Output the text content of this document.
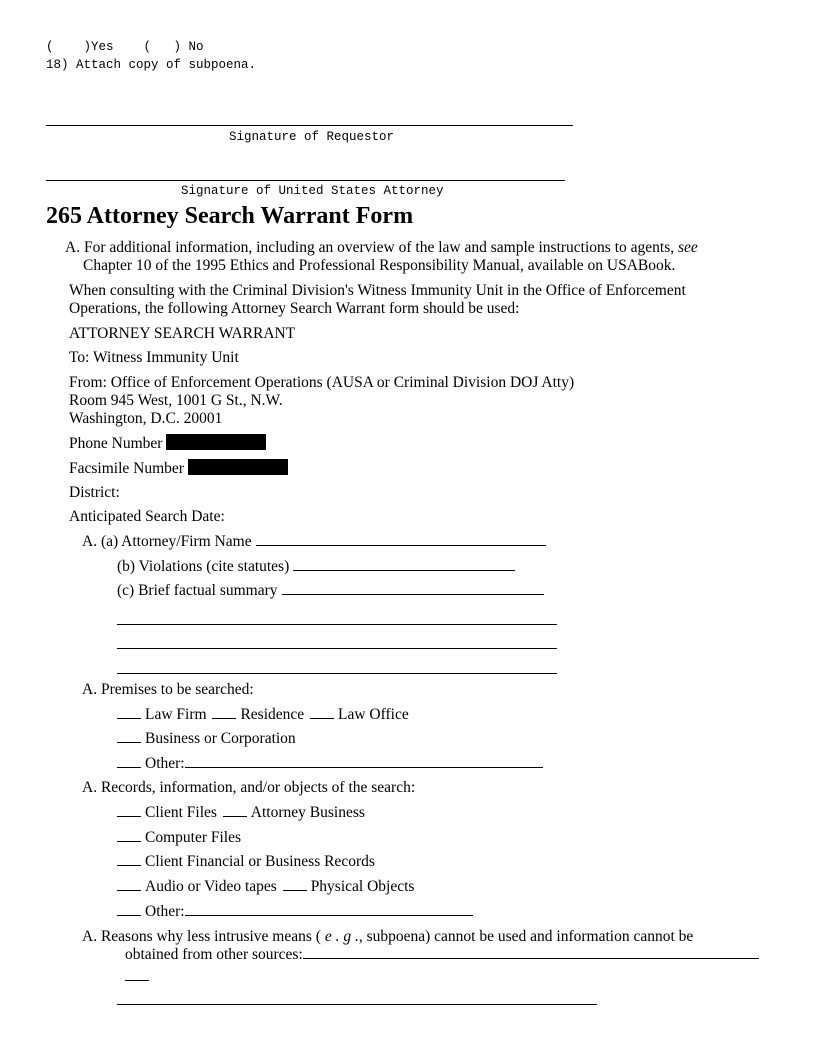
(    )Yes    (   ) No
18) Attach copy of subpoena.
Signature of Requestor
Signature of United States Attorney
265 Attorney Search Warrant Form
A. For additional information, including an overview of the law and sample instructions to agents, see
Chapter 10 of the 1995 Ethics and Professional Responsibility Manual, available on USABook.
When consulting with the Criminal Division's Witness Immunity Unit in the Office of Enforcement
Operations, the following Attorney Search Warrant form should be used:
ATTORNEY SEARCH WARRANT
To: Witness Immunity Unit
From: Office of Enforcement Operations (AUSA or Criminal Division DOJ Atty)
Room 945 West, 1001 G St., N.W.
Washington, D.C. 20001
Phone Number
Facsimile Number
District:
Anticipated Search Date:
A. (a) Attorney/Firm Name
(b) Violations (cite statutes)
(c) Brief factual summary
A. Premises to be searched:
Law Firm Residence Law Office
Business or Corporation
Other:
A. Records, information, and/or objects of the search:
Client Files Attorney Business
Computer Files
Client Financial or Business Records
Audio or Video tapes Physical Objects
Other:
A. Reasons why less intrusive means ( e . g ., subpoena) cannot be used and information cannot be
obtained from other sources:
